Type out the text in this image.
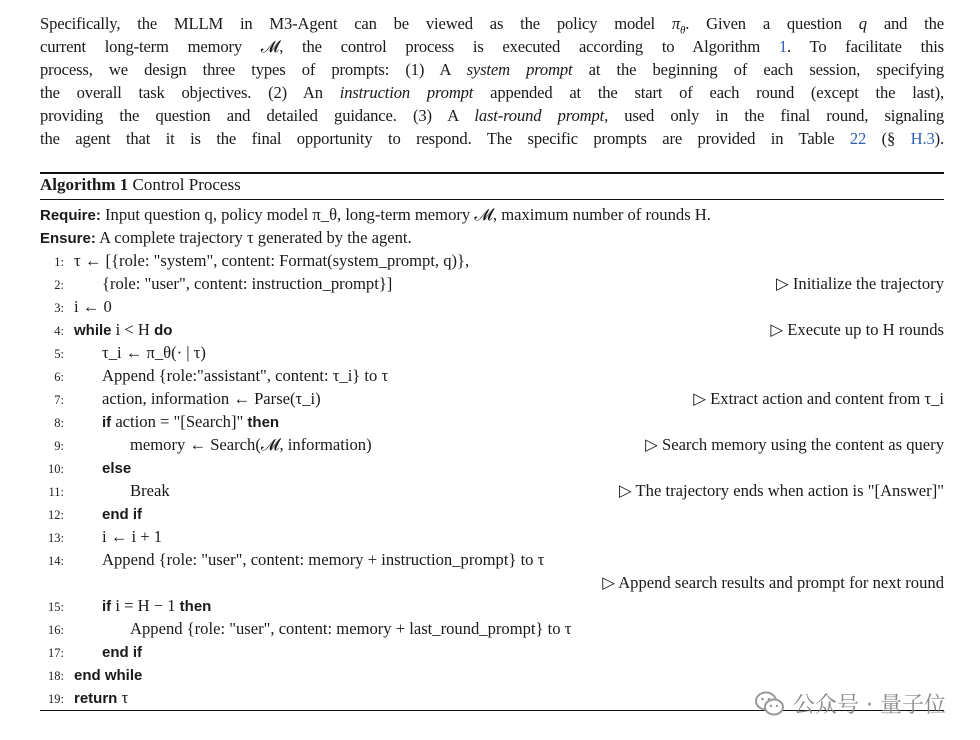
Specifically, the MLLM in M3-Agent can be viewed as the policy model $\pi_\theta$. Given a question q and the
current long-term memory 𝓜, the control process is executed according to Algorithm 1. To facilitate this
process, we design three types of prompts: (1) A system prompt at the beginning of each session, specifying
the overall task objectives. (2) An instruction prompt appended at the start of each round (except the last),
providing the question and detailed guidance. (3) A last-round prompt, used only in the final round, signaling
the agent that it is the final opportunity to respond. The specific prompts are provided in Table 22 (§ H.3).
Algorithm 1 Control Process
Require: Input question q, policy model π_θ, long-term memory 𝓜, maximum number of rounds H.
Ensure: A complete trajectory τ generated by the agent.
1: τ ← [{role: "system", content: Format(system_prompt, q)},
2: {role: "user", content: instruction_prompt}]	▷ Initialize the trajectory
3: i ← 0
4: while i < H do	▷ Execute up to H rounds
5: τ_i ← π_θ(· | τ)
6: Append {role:"assistant", content: τ_i} to τ
7: action, information ← Parse(τ_i)	▷ Extract action and content from τ_i
8:	if action = "[Search]" then
9:	memory ← Search(𝓜, information)	▷ Search memory using the content as query
10:	else
11:	Break	▷ The trajectory ends when action is "[Answer]"
12:	end if
13: i ← i + 1
14: Append {role: "user", content: memory + instruction_prompt} to τ
▷ Append search results and prompt for next round
15:	if i = H − 1 then
16:	Append {role: "user", content: memory + last_round_prompt} to τ
17:	end if
18: end while
19: return τ	公众号 · 量子位
